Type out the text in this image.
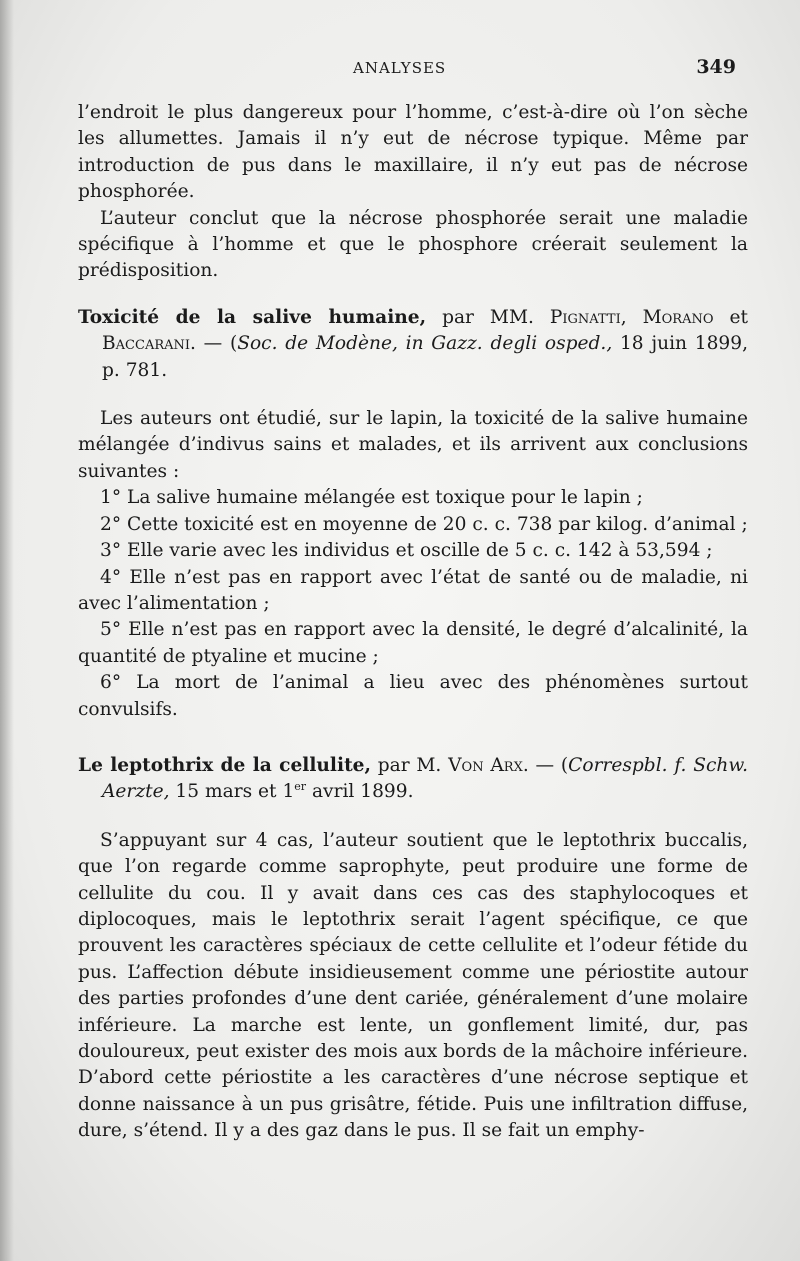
ANALYSES	349

l’endroit le plus dangereux pour l’homme, c’est-à-dire où l’on sèche les allumettes. Jamais il n’y eut de nécrose typique. Même par introduction de pus dans le maxillaire, il n’y eut pas de nécrose phosphorée.

L’auteur conclut que la nécrose phosphorée serait une maladie spécifique à l’homme et que le phosphore créerait seulement la prédisposition.

Toxicité de la salive humaine, par MM. Pignatti, Morano et Baccarani. — (Soc. de Modène, in Gazz. degli osped., 18 juin 1899, p. 781.

Les auteurs ont étudié, sur le lapin, la toxicité de la salive humaine mélangée d’indivus sains et malades, et ils arrivent aux conclusions suivantes :

1° La salive humaine mélangée est toxique pour le lapin ;

2° Cette toxicité est en moyenne de 20 c. c. 738 par kilog. d’animal ;

3° Elle varie avec les individus et oscille de 5 c. c. 142 à 53,594 ;

4° Elle n’est pas en rapport avec l’état de santé ou de maladie, ni avec l’alimentation ;

5° Elle n’est pas en rapport avec la densité, le degré d’alcalinité, la quantité de ptyaline et mucine ;

6° La mort de l’animal a lieu avec des phénomènes surtout convulsifs.

Le leptothrix de la cellulite, par M. Von Arx. — (Correspbl. f. Schw. Aerzte, 15 mars et 1er avril 1899.

S’appuyant sur 4 cas, l’auteur soutient que le leptothrix buccalis, que l’on regarde comme saprophyte, peut produire une forme de cellulite du cou. Il y avait dans ces cas des staphylocoques et diplocoques, mais le leptothrix serait l’agent spécifique, ce que prouvent les caractères spéciaux de cette cellulite et l’odeur fétide du pus. L’affection débute insidieusement comme une périostite autour des parties profondes d’une dent cariée, généralement d’une molaire inférieure. La marche est lente, un gonflement limité, dur, pas douloureux, peut exister des mois aux bords de la mâchoire inférieure. D’abord cette périostite a les caractères d’une nécrose septique et donne naissance à un pus grisâtre, fétide. Puis une infiltration diffuse, dure, s’étend. Il y a des gaz dans le pus. Il se fait un emphy-
